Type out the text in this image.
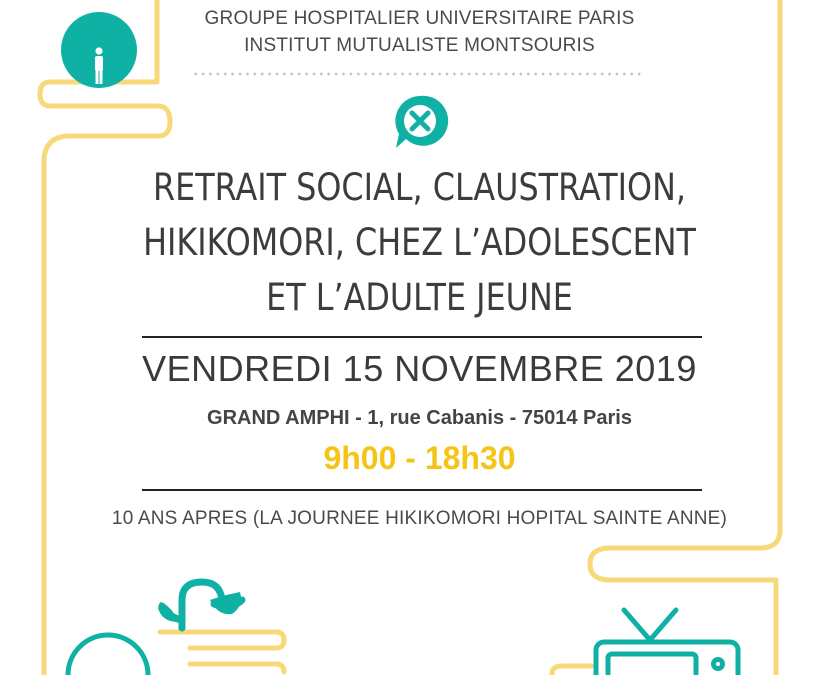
GROUPE HOSPITALIER UNIVERSITAIRE PARIS

INSTITUT MUTUALISTE MONTSOURIS

RETRAIT SOCIAL, CLAUSTRATION,
HIKIKOMORI, CHEZ L’ADOLESCENT
ET L’ADULTE JEUNE

VENDREDI 15 NOVEMBRE 2019

GRAND AMPHI - 1, rue Cabanis - 75014 Paris

9h00 - 18h30

10 ANS APRES (LA JOURNEE HIKIKOMORI HOPITAL SAINTE ANNE)
